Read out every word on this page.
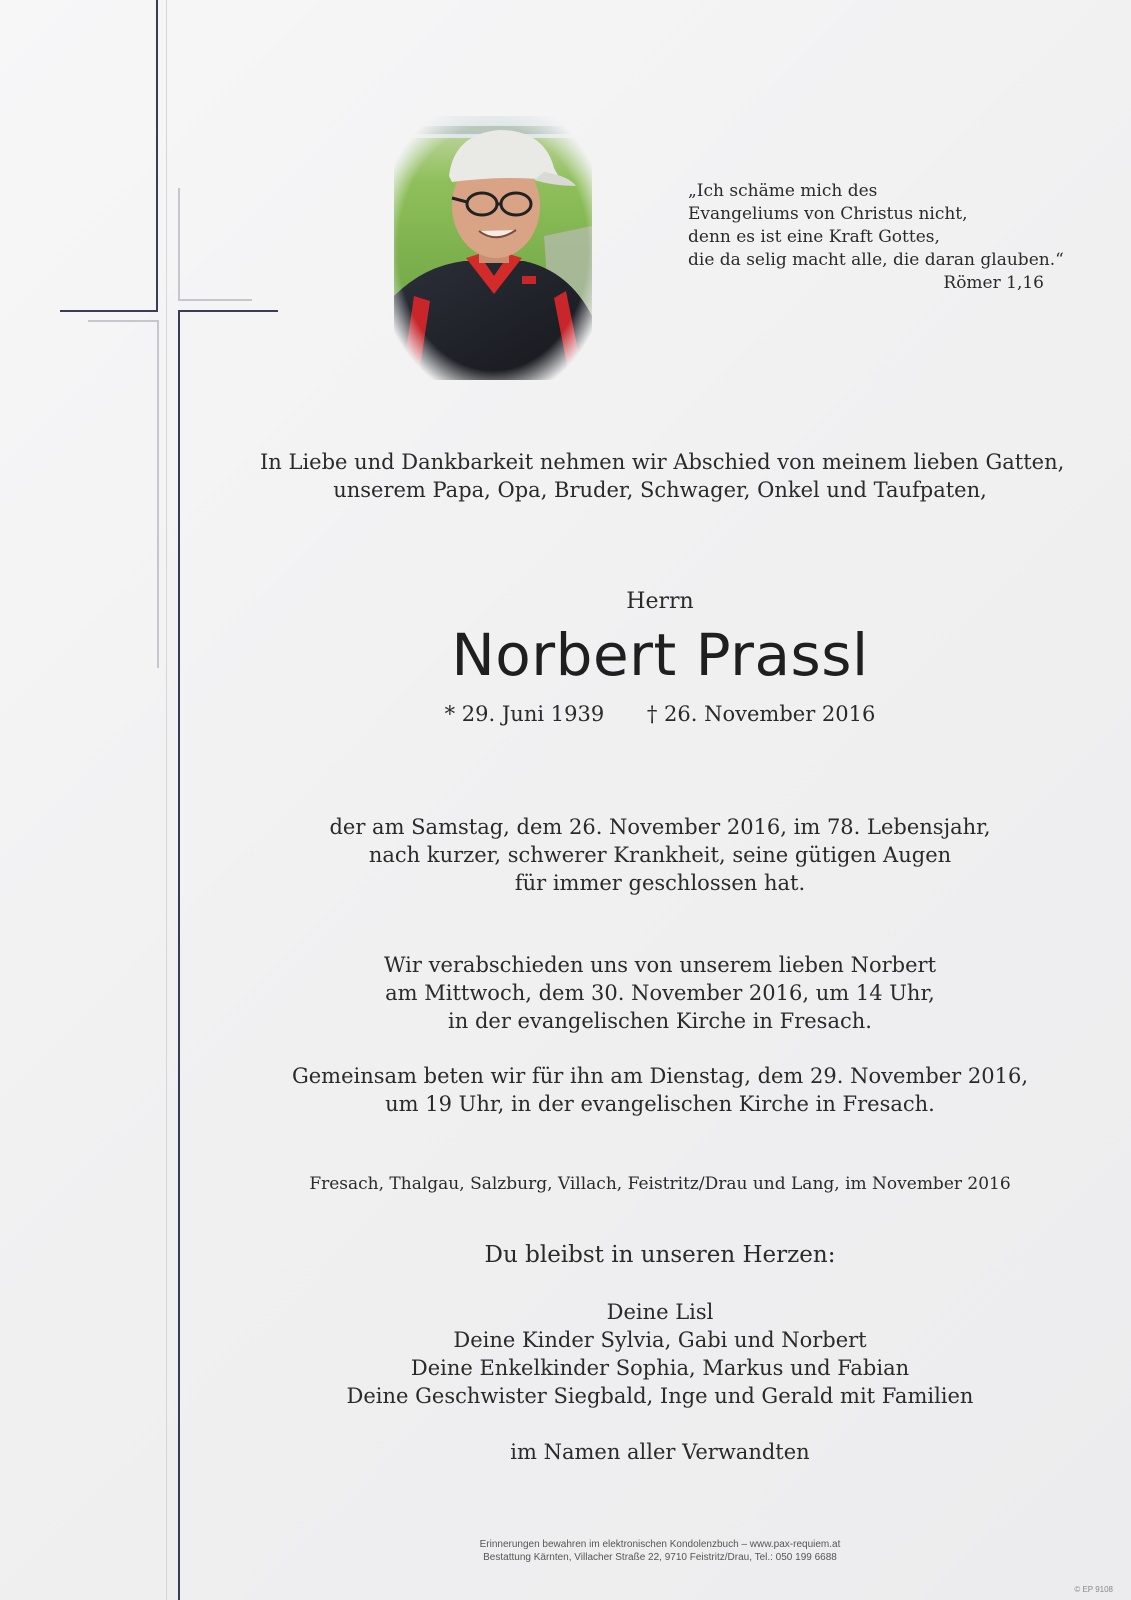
„Ich schäme mich des
Evangeliums von Christus nicht,
denn es ist eine Kraft Gottes,
die da selig macht alle, die daran glauben.“
Römer 1,16
In Liebe und Dankbarkeit nehmen wir Abschied von meinem lieben Gatten,
unserem Papa, Opa, Bruder, Schwager, Onkel und Taufpaten,
Herrn
Norbert Prassl
* 29. Juni 1939 † 26. November 2016
der am Samstag, dem 26. November 2016, im 78. Lebensjahr,
nach kurzer, schwerer Krankheit, seine gütigen Augen
für immer geschlossen hat.
Wir verabschieden uns von unserem lieben Norbert
am Mittwoch, dem 30. November 2016, um 14 Uhr,
in der evangelischen Kirche in Fresach.
Gemeinsam beten wir für ihn am Dienstag, dem 29. November 2016,
um 19 Uhr, in der evangelischen Kirche in Fresach.
Fresach, Thalgau, Salzburg, Villach, Feistritz/Drau und Lang, im November 2016
Du bleibst in unseren Herzen:
Deine Lisl
Deine Kinder Sylvia, Gabi und Norbert
Deine Enkelkinder Sophia, Markus und Fabian
Deine Geschwister Siegbald, Inge und Gerald mit Familien
im Namen aller Verwandten
Erinnerungen bewahren im elektronischen Kondolenzbuch – www.pax-requiem.at
Bestattung Kärnten, Villacher Straße 22, 9710 Feistritz/Drau, Tel.: 050 199 6688
© EP 9108
